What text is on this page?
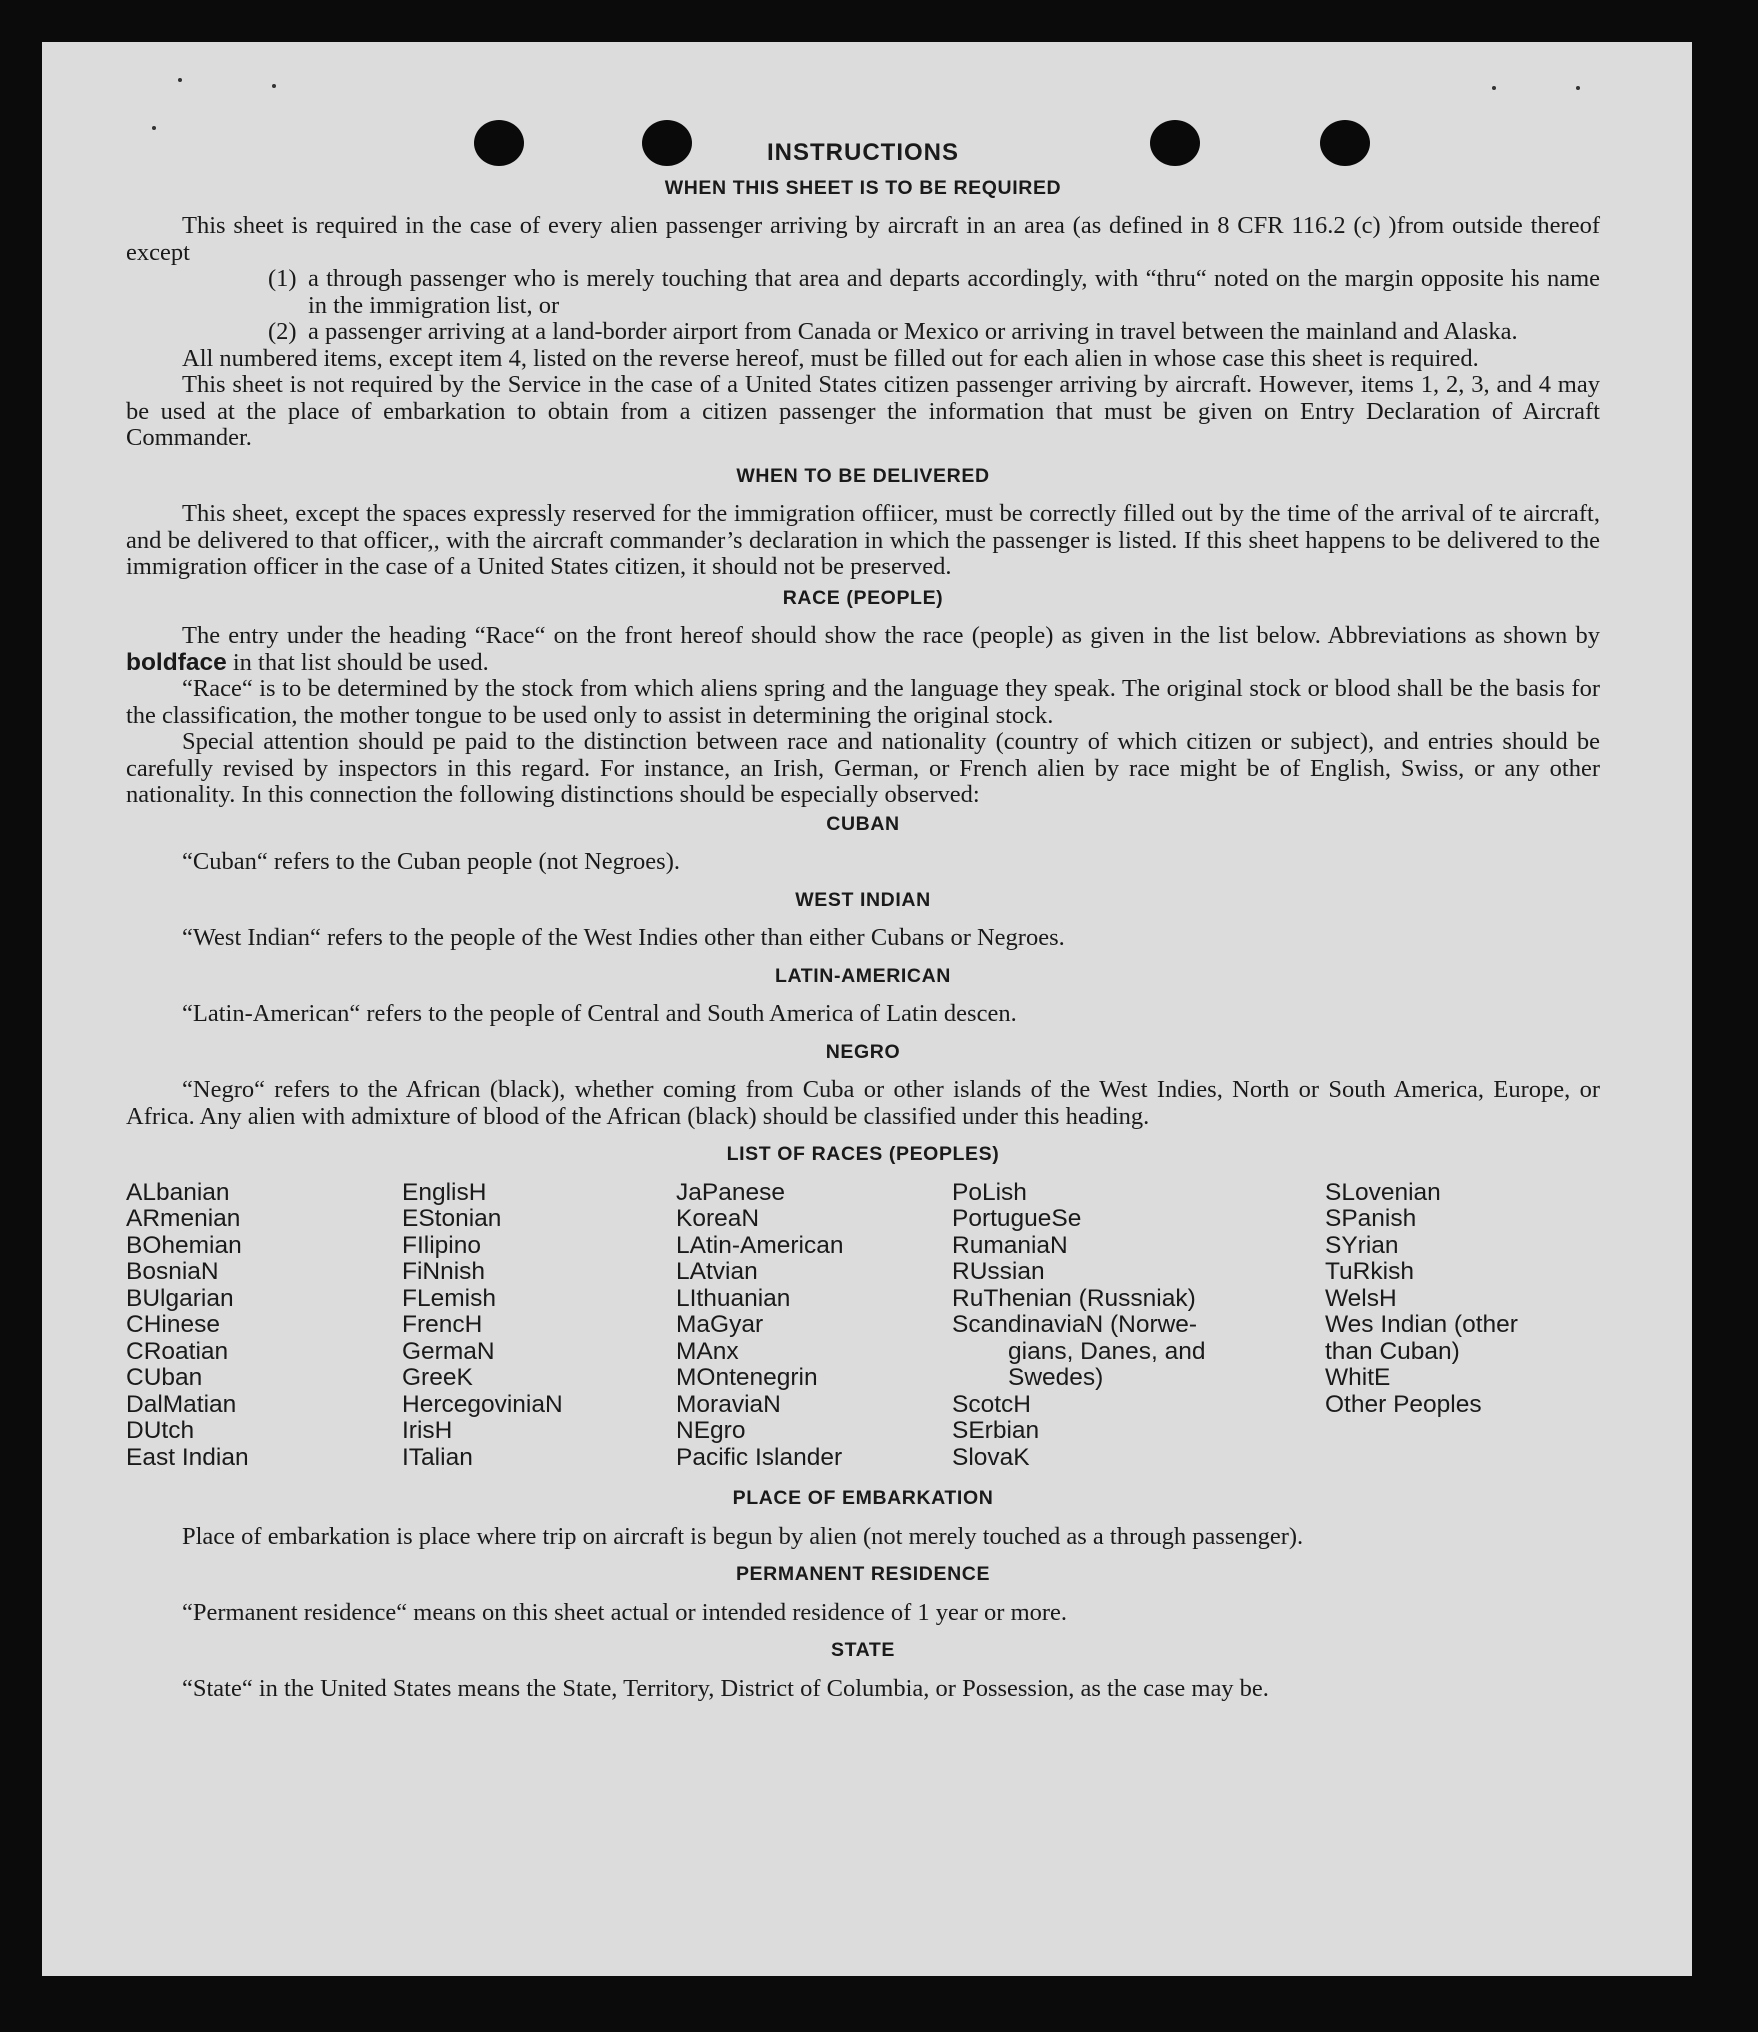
INSTRUCTIONS
WHEN THIS SHEET IS TO BE REQUIRED

This sheet is required in the case of every alien passenger arriving by aircraft in an area (as defined in 8 CFR 116.2 (c) )from outside thereof except

(1) a through passenger who is merely touching that area and departs accordingly, with “thru“ noted on the margin opposite his name in the immigration list, or

(2) a passenger arriving at a land-border airport from Canada or Mexico or arriving in travel between the mainland and Alaska.

All numbered items, except item 4, listed on the reverse hereof, must be filled out for each alien in whose case this sheet is required.

This sheet is not required by the Service in the case of a United States citizen passenger arriving by aircraft. However, items 1, 2, 3, and 4 may be used at the place of embarkation to obtain from a citizen passenger the information that must be given on Entry Declaration of Aircraft Commander.

WHEN TO BE DELIVERED

This sheet, except the spaces expressly reserved for the immigration offiicer, must be correctly filled out by the time of the arrival of te aircraft, and be delivered to that officer,, with the aircraft commander’s declaration in which the passenger is listed. If this sheet happens to be delivered to the immigration officer in the case of a United States citizen, it should not be preserved.

RACE (PEOPLE)

The entry under the heading “Race“ on the front hereof should show the race (people) as given in the list below. Abbreviations as shown by boldface in that list should be used.

“Race“ is to be determined by the stock from which aliens spring and the language they speak. The original stock or blood shall be the basis for the classification, the mother tongue to be used only to assist in determining the original stock.

Special attention should pe paid to the distinction between race and nationality (country of which citizen or subject), and entries should be carefully revised by inspectors in this regard. For instance, an Irish, German, or French alien by race might be of English, Swiss, or any other nationality. In this connection the following distinctions should be especially observed:

CUBAN

“Cuban“ refers to the Cuban people (not Negroes).

WEST INDIAN

“West Indian“ refers to the people of the West Indies other than either Cubans or Negroes.

LATIN-AMERICAN

“Latin-American“ refers to the people of Central and South America of Latin descen.

NEGRO

“Negro“ refers to the African (black), whether coming from Cuba or other islands of the West Indies, North or South America, Europe, or Africa. Any alien with admixture of blood of the African (black) should be classified under this heading.

LIST OF RACES (PEOPLES)
ALbanian
ARmenian
BOhemian
BosniaN
BUlgarian
CHinese
CRoatian
CUban
DalMatian
DUtch
East Indian
EnglisH
EStonian
FIlipino
FiNnish
FLemish
FrencH
GermaN
GreeK
HercegoviniaN
IrisH
ITalian
JaPanese
KoreaN
LAtin-American
LAtvian
LIthuanian
MaGyar
MAnx
MOntenegrin
MoraviaN
NEgro
Pacific Islander
PoLish
PortugueSe
RumaniaN
RUssian
RuThenian (Russniak)
ScandinaviaN (Norwe-
gians, Danes, and
Swedes)
ScotcH
SErbian
SlovaK
SLovenian
SPanish
SYrian
TuRkish
WelsH
Wes Indian (other
than Cuban)
WhitE
Other Peoples
PLACE OF EMBARKATION

Place of embarkation is place where trip on aircraft is begun by alien (not merely touched as a through passenger).

PERMANENT RESIDENCE

“Permanent residence“ means on this sheet actual or intended residence of 1 year or more.

STATE

“State“ in the United States means the State, Territory, District of Columbia, or Possession, as the case may be.
